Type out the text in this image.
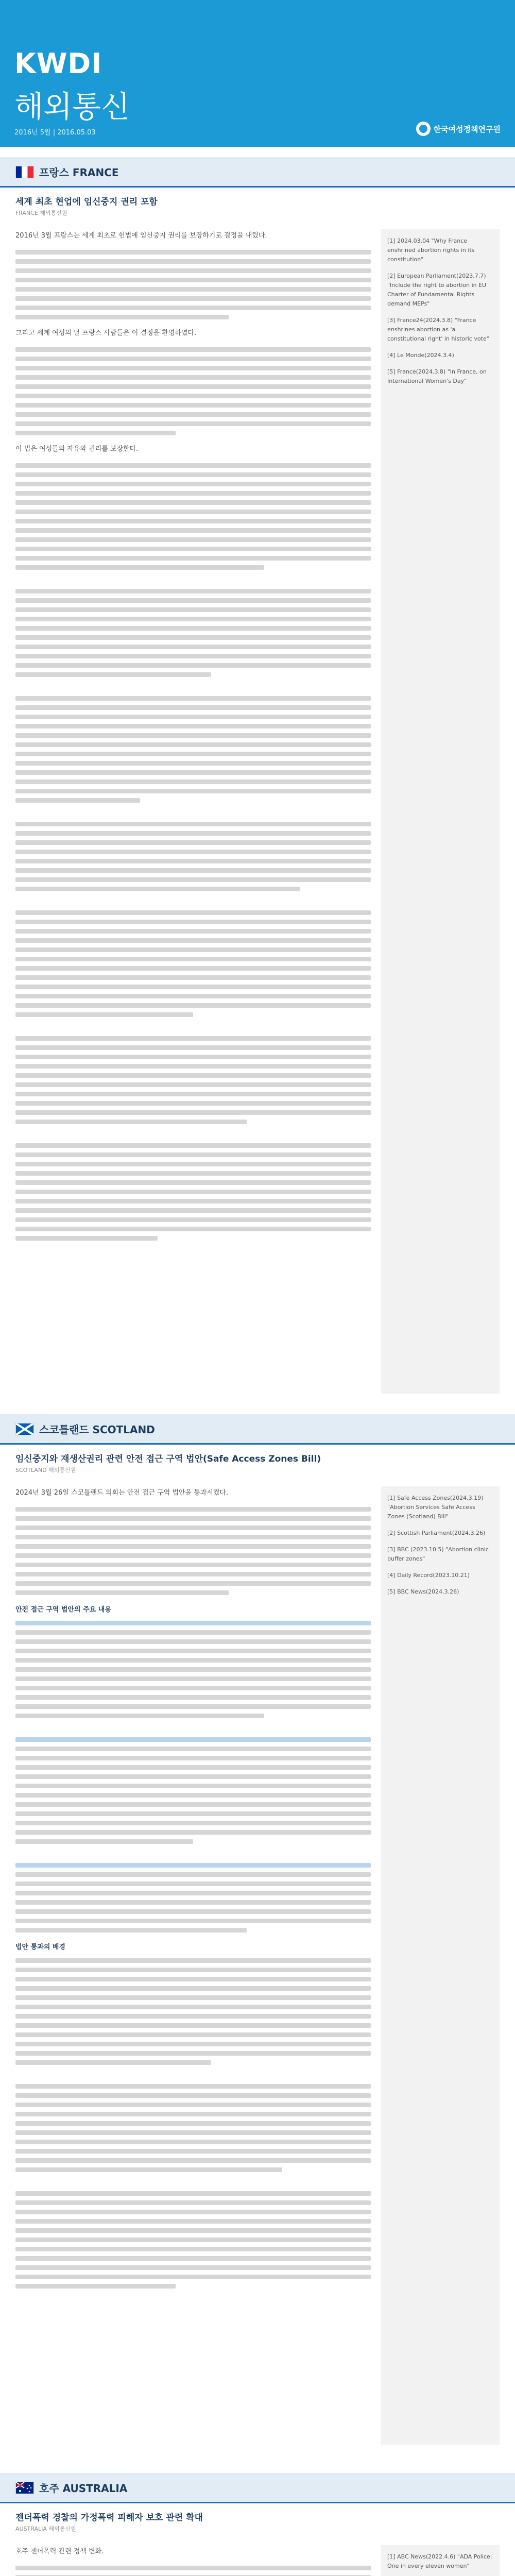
KWDI
해외통신
2016년 5월 | 2016.05.03	한국여성정책연구원
프랑스 FRANCE
세계 최초 현업에 임신중지 권리 포함
FRANCE 해외통신원

2016년 3월 프랑스는 세계 최초로 헌법에 임신중지 권리를 보장하기로 결정을 내렸다.

그리고 세계 여성의 날 프랑스 사람들은 이 결정을 환영하였다.

이 법은 여성들의 자유와 권리를 보장한다.

[1] 2024.03.04 "Why France enshrined abortion rights in its constitution"
[2] European Parliament(2023.7.7) "Include the right to abortion in EU Charter of Fundamental Rights demand MEPs"
[3] France24(2024.3.8) "France enshrines abortion as 'a constitutional right' in historic vote"
[4] Le Monde(2024.3.4)
[5] France(2024.3.8) "In France, on International Women's Day"
스코틀랜드 SCOTLAND
임신중지와 재생산권리 관련 안전 접근 구역 법안(Safe Access Zones Bill)
SCOTLAND 해외통신원

2024년 3월 26일 스코틀랜드 의회는 안전 접근 구역 법안을 통과시켰다.

안전 접근 구역 법안의 주요 내용
법안 통과의 배경
[1] Safe Access Zones(2024.3.19) "Abortion Services Safe Access Zones (Scotland) Bill"
[2] Scottish Parliament(2024.3.26)
[3] BBC (2023.10.5) "Abortion clinic buffer zones"
[4] Daily Record(2023.10.21)
[5] BBC News(2024.3.26)
호주 AUSTRALIA
젠더폭력 경찰의 가정폭력 피해자 보호 관련 확대
AUSTRALIA 해외통신원

호주 젠더폭력 관련 정책 변화.

[1] ABC News(2022.4.6) "ADA Police: One in every eleven women"
